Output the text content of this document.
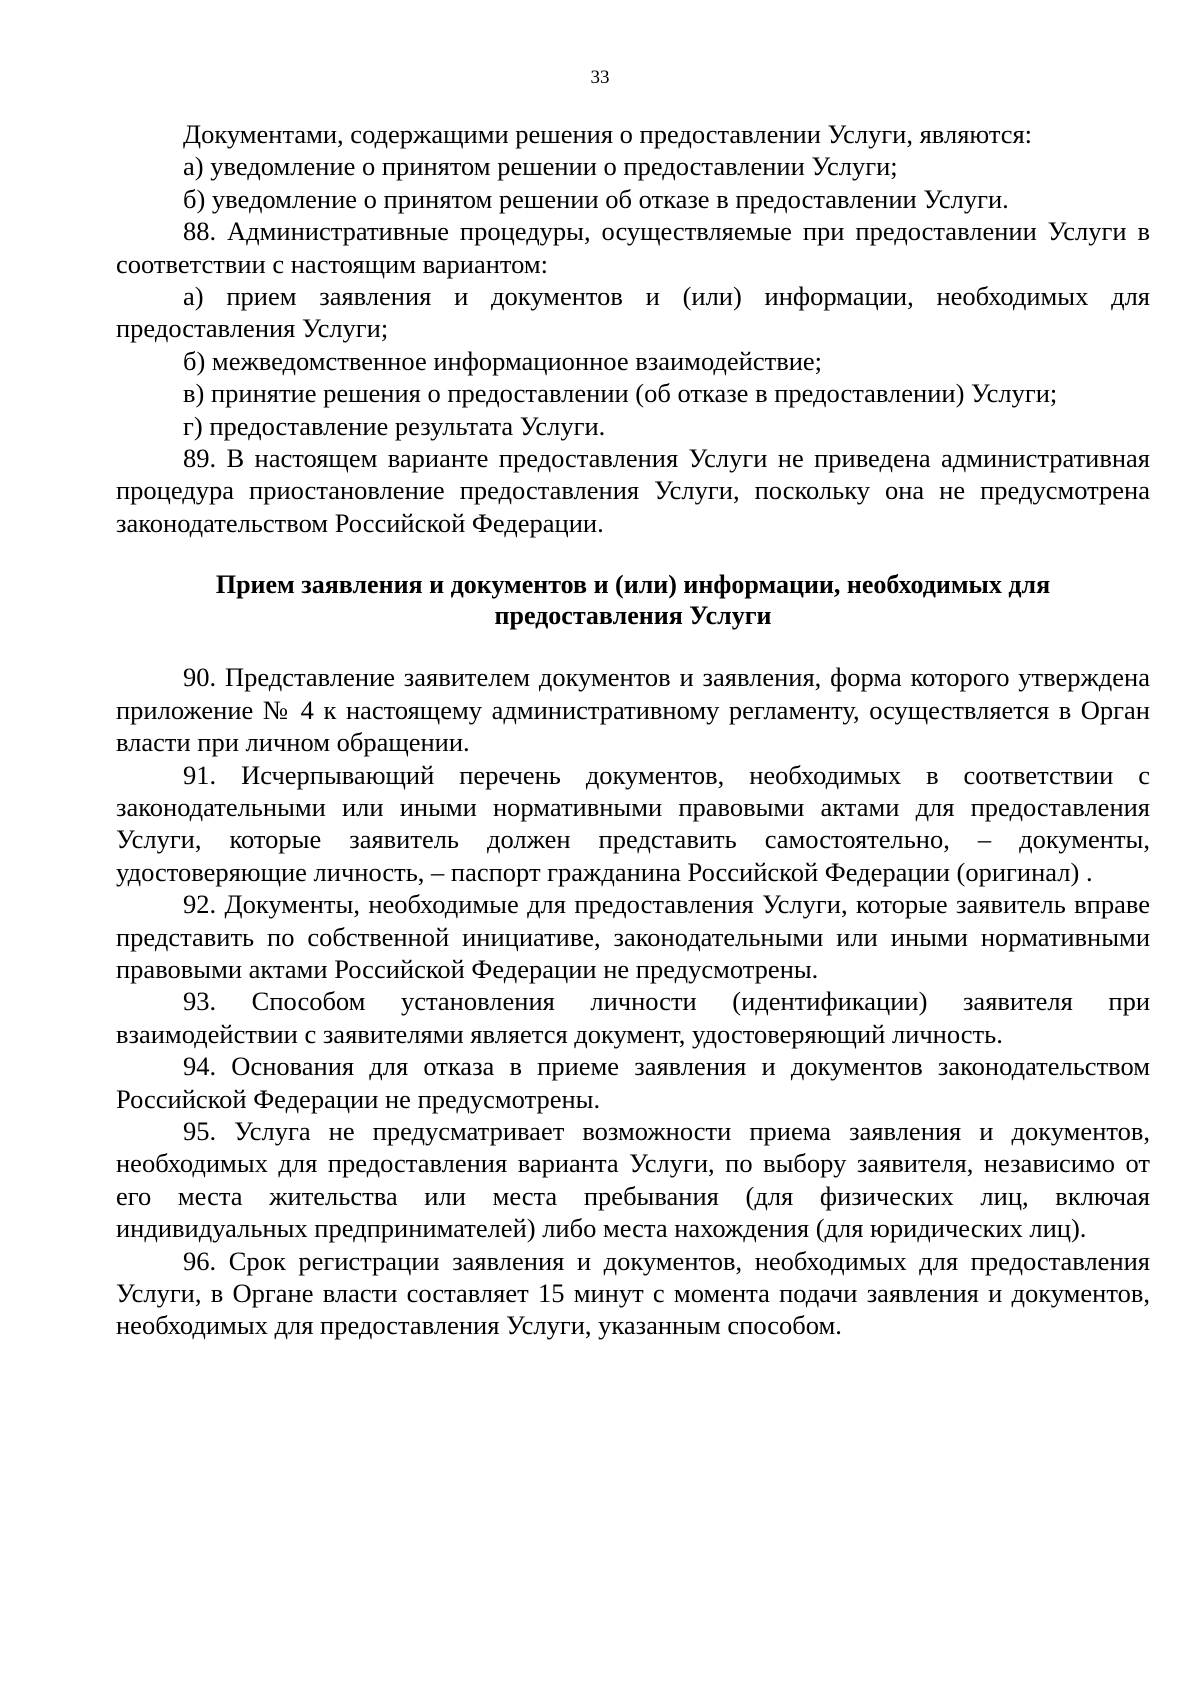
33

Документами, содержащими решения о предоставлении Услуги, являются:

а) уведомление о принятом решении о предоставлении Услуги;

б) уведомление о принятом решении об отказе в предоставлении Услуги.

88. Административные процедуры, осуществляемые при предоставлении Услуги в соответствии с настоящим вариантом:

а) прием заявления и документов и (или) информации, необходимых для предоставления Услуги;

б) межведомственное информационное взаимодействие;

в) принятие решения о предоставлении (об отказе в предоставлении) Услуги;

г) предоставление результата Услуги.

89. В настоящем варианте предоставления Услуги не приведена административная процедура приостановление предоставления Услуги, поскольку она не предусмотрена законодательством Российской Федерации.

Прием заявления и документов и (или) информации, необходимых для
предоставления Услуги

90. Представление заявителем документов и заявления, форма которого утверждена приложение № 4 к настоящему административному регламенту, осуществляется в Орган власти при личном обращении.

91. Исчерпывающий перечень документов, необходимых в соответствии с законодательными или иными нормативными правовыми актами для предоставления Услуги, которые заявитель должен представить самостоятельно, – документы, удостоверяющие личность, – паспорт гражданина Российской Федерации (оригинал) .

92. Документы, необходимые для предоставления Услуги, которые заявитель вправе представить по собственной инициативе, законодательными или иными нормативными правовыми актами Российской Федерации не предусмотрены.

93. Способом установления личности (идентификации) заявителя при взаимодействии с заявителями является документ, удостоверяющий личность.

94. Основания для отказа в приеме заявления и документов законодательством Российской Федерации не предусмотрены.

95. Услуга не предусматривает возможности приема заявления и документов, необходимых для предоставления варианта Услуги, по выбору заявителя, независимо от его места жительства или места пребывания (для физических лиц, включая индивидуальных предпринимателей) либо места нахождения (для юридических лиц).

96. Срок регистрации заявления и документов, необходимых для предоставления Услуги, в Органе власти составляет 15 минут с момента подачи заявления и документов, необходимых для предоставления Услуги, указанным способом.
